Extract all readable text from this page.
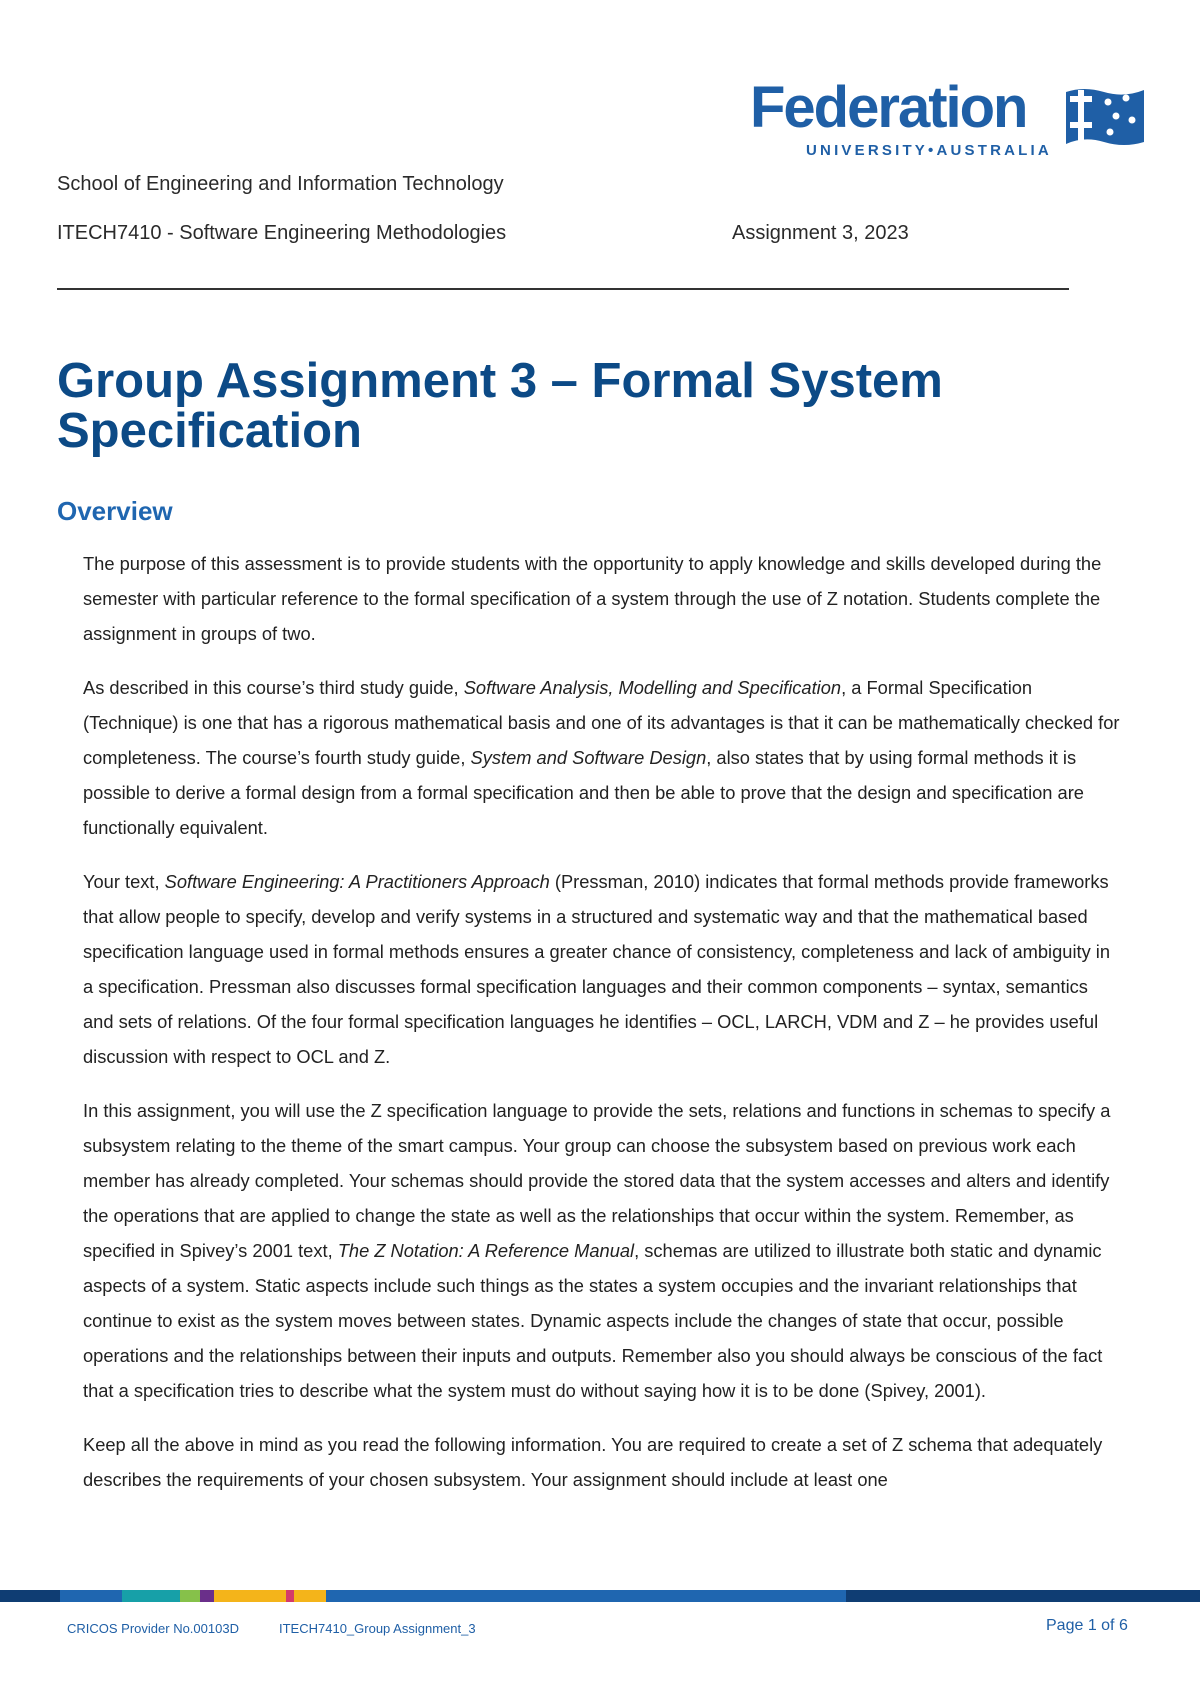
Federation
UNIVERSITY•AUSTRALIA
School of Engineering and Information Technology
ITECH7410 - Software Engineering Methodologies	Assignment 3, 2023
Group Assignment 3 – Formal System Specification
Overview

The purpose of this assessment is to provide students with the opportunity to apply knowledge and skills developed during the semester with particular reference to the formal specification of a system through the use of Z notation. Students complete the assignment in groups of two.

As described in this course’s third study guide, Software Analysis, Modelling and Specification, a Formal Specification (Technique) is one that has a rigorous mathematical basis and one of its advantages is that it can be mathematically checked for completeness. The course’s fourth study guide, System and Software Design, also states that by using formal methods it is possible to derive a formal design from a formal specification and then be able to prove that the design and specification are functionally equivalent.

Your text, Software Engineering: A Practitioners Approach (Pressman, 2010) indicates that formal methods provide frameworks that allow people to specify, develop and verify systems in a structured and systematic way and that the mathematical based specification language used in formal methods ensures a greater chance of consistency, completeness and lack of ambiguity in a specification. Pressman also discusses formal specification languages and their common components – syntax, semantics and sets of relations. Of the four formal specification languages he identifies – OCL, LARCH, VDM and Z – he provides useful discussion with respect to OCL and Z.

In this assignment, you will use the Z specification language to provide the sets, relations and functions in schemas to specify a subsystem relating to the theme of the smart campus. Your group can choose the subsystem based on previous work each member has already completed. Your schemas should provide the stored data that the system accesses and alters and identify the operations that are applied to change the state as well as the relationships that occur within the system. Remember, as specified in Spivey’s 2001 text, The Z Notation: A Reference Manual, schemas are utilized to illustrate both static and dynamic aspects of a system. Static aspects include such things as the states a system occupies and the invariant relationships that continue to exist as the system moves between states. Dynamic aspects include the changes of state that occur, possible operations and the relationships between their inputs and outputs. Remember also you should always be conscious of the fact that a specification tries to describe what the system must do without saying how it is to be done (Spivey, 2001).

Keep all the above in mind as you read the following information. You are required to create a set of Z schema that adequately describes the requirements of your chosen subsystem. Your assignment should include at least one

CRICOS Provider No.00103D	ITECH7410_Group Assignment_3	Page 1 of 6
